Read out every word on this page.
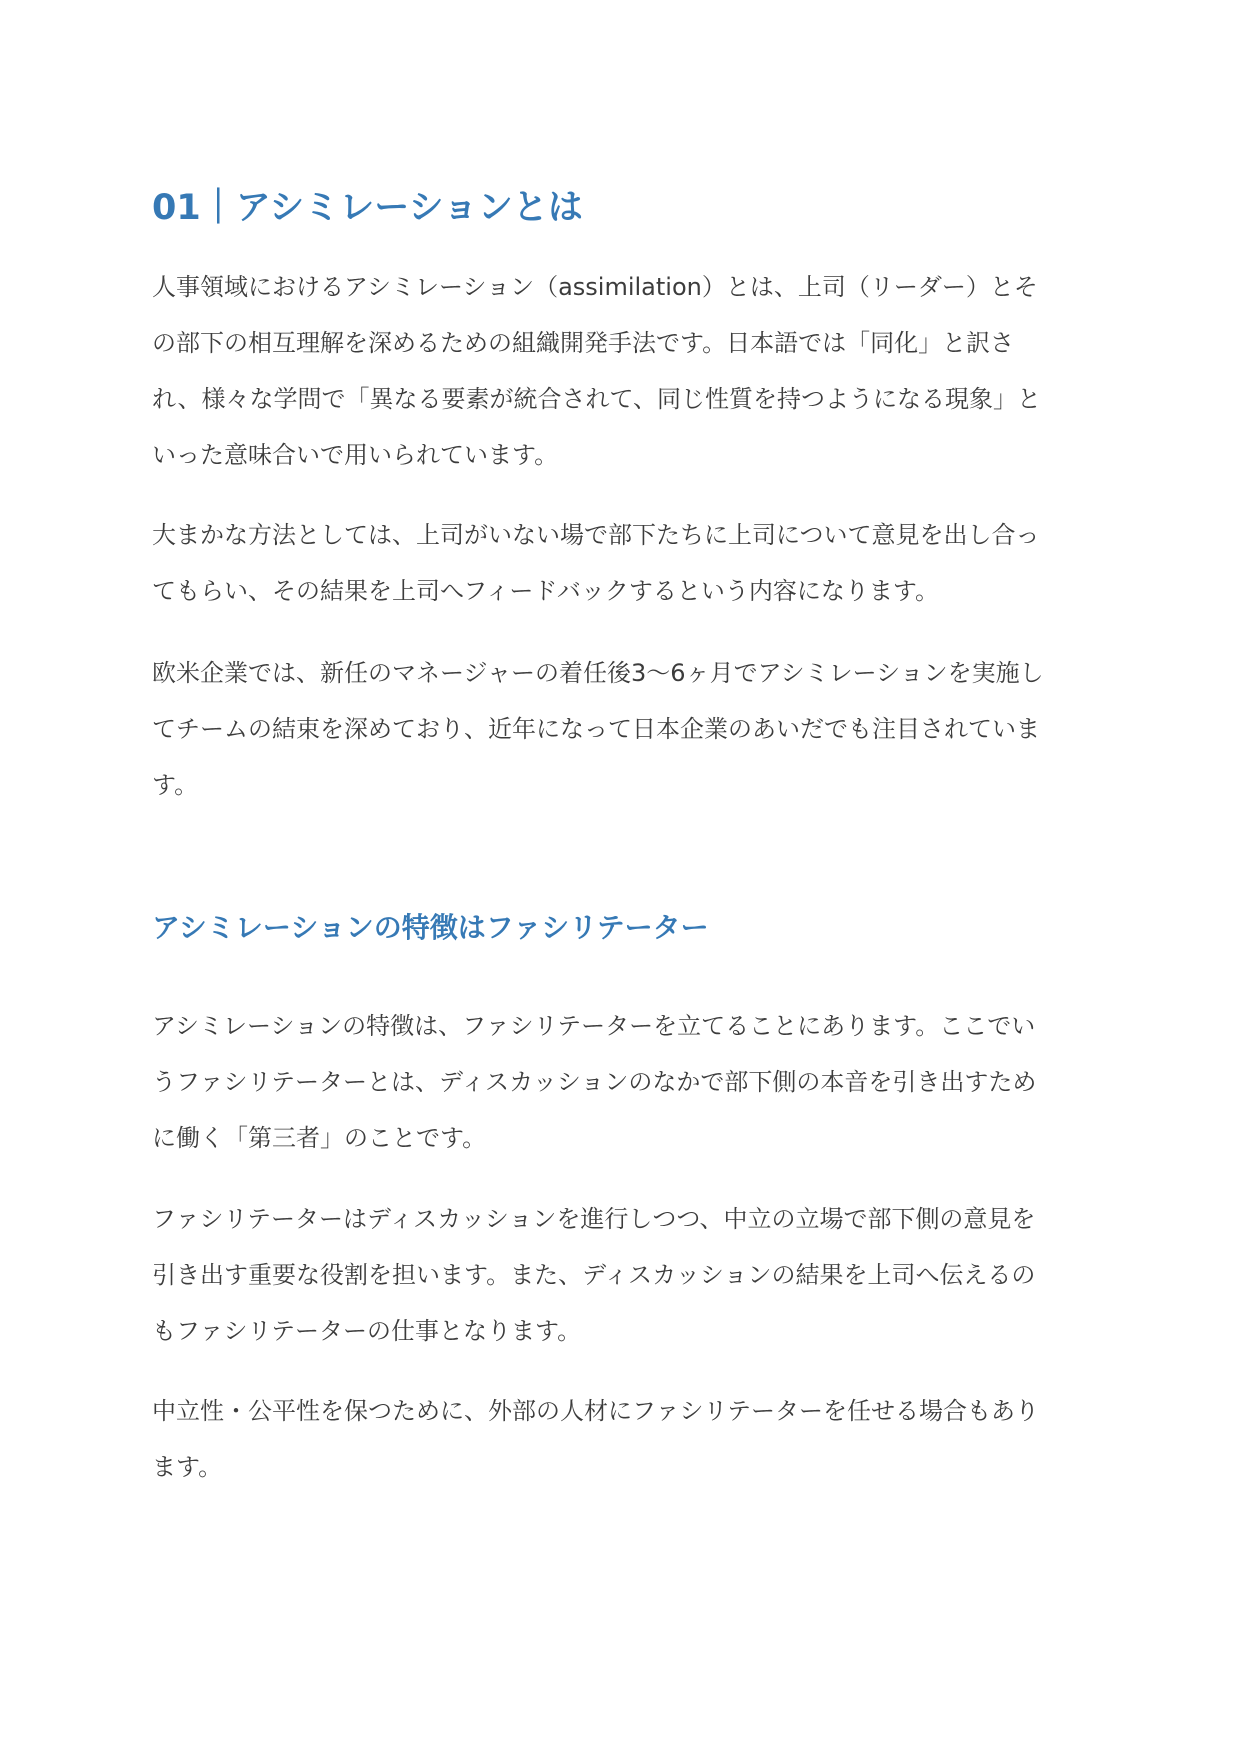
01｜アシミレーションとは

人事領域におけるアシミレーション（assimilation）とは、上司（リーダー）とそ
の部下の相互理解を深めるための組織開発手法です。日本語では「同化」と訳さ
れ、様々な学問で「異なる要素が統合されて、同じ性質を持つようになる現象」と
いった意味合いで用いられています。

大まかな方法としては、上司がいない場で部下たちに上司について意見を出し合っ
てもらい、その結果を上司へフィードバックするという内容になります。

欧米企業では、新任のマネージャーの着任後3〜6ヶ月でアシミレーションを実施し
てチームの結束を深めており、近年になって日本企業のあいだでも注目されていま
す。

アシミレーションの特徴はファシリテーター

アシミレーションの特徴は、ファシリテーターを立てることにあります。ここでい
うファシリテーターとは、ディスカッションのなかで部下側の本音を引き出すため
に働く「第三者」のことです。

ファシリテーターはディスカッションを進行しつつ、中立の立場で部下側の意見を
引き出す重要な役割を担います。また、ディスカッションの結果を上司へ伝えるの
もファシリテーターの仕事となります。

中立性・公平性を保つために、外部の人材にファシリテーターを任せる場合もあり
ます。
